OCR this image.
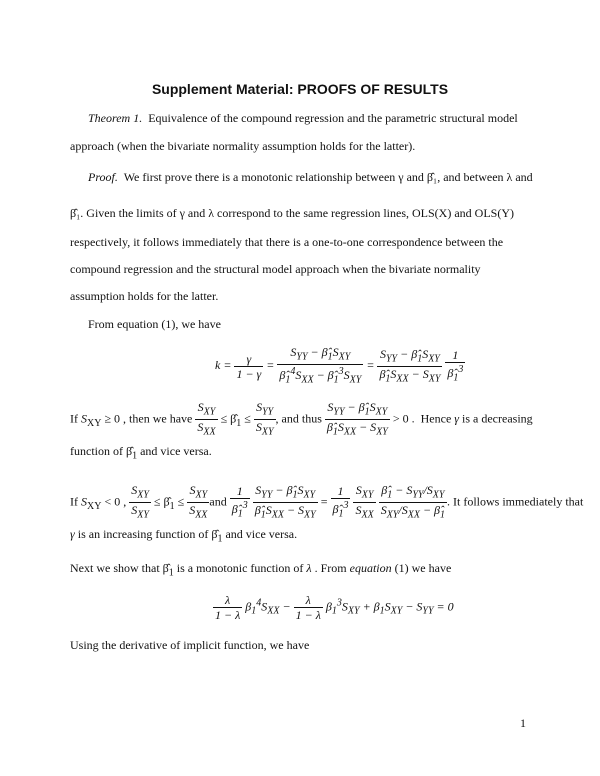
Supplement Material: PROOFS OF RESULTS
Theorem 1. Equivalence of the compound regression and the parametric structural model
approach (when the bivariate normality assumption holds for the latter).
Proof. We first prove there is a monotonic relationship between γ and β̂₁, and between λ and
β̂₁. Given the limits of γ and λ correspond to the same regression lines, OLS(X) and OLS(Y)
respectively, it follows immediately that there is a one-to-one correspondence between the
compound regression and the structural model approach when the bivariate normality
assumption holds for the latter.
From equation (1), we have
$k = \frac{\gamma}{1 - \gamma} = \frac{S_{YY} - \betâ_1S_{XY}}{\betâ_1^4S_{XX} - \betâ_1^3S_{XY}} = \frac{S_{YY} - \betâ_1S_{XY}}{\betâ_1S_{XX} - S_{XY}}$
$\frac{1}{\betâ_1^3}$
If $S_{XY} \ge 0$ , then we have $\frac{S_{XY}}{S_{XX}}$ ≤ $\betâ_1 \le \frac{S_{YY}}{S_{XY}}$ , and thus $\frac{S_{YY} - \betâ_1S_{XY}}{\betâ_1S_{XX} - S_{XY}} > 0$ .  Hence γ is a decreasing
function of $\betâ_1$ and vice versa.
If $S_{XY} < 0$ , $\frac{S_{XY}}{S_{XY}}$ ≤ $\betâ_1 \le \frac{S_{XY}}{S_{XX}}$ and $\frac{1}{\betâ_1^3}$
$\frac{S_{YY} - \betâ_1S_{XY}}{\betâ_1S_{XX} - S_{XY}} = \frac{1}{\betâ_1^3}$
$\frac{S_{XY}}{S_{XX}}$
$\frac{\betâ_1 - S_{YY}/S_{XY}}{S_{XY}/S_{XX} - \betâ_1}$ . It follows immediately that
γ is an increasing function of $\betâ_1$ and vice versa.
Next we show that $\betâ_1$ is a monotonic function of λ . From equation (1) we have
$\frac{\lambda}{1 - \lambda} \beta_1^4S_{XX} - \frac{\lambda}{1 - \lambda} \beta_1^3S_{XY} + \beta_1S_{XY} - S_{YY} = 0$
Using the derivative of implicit function, we have
1
